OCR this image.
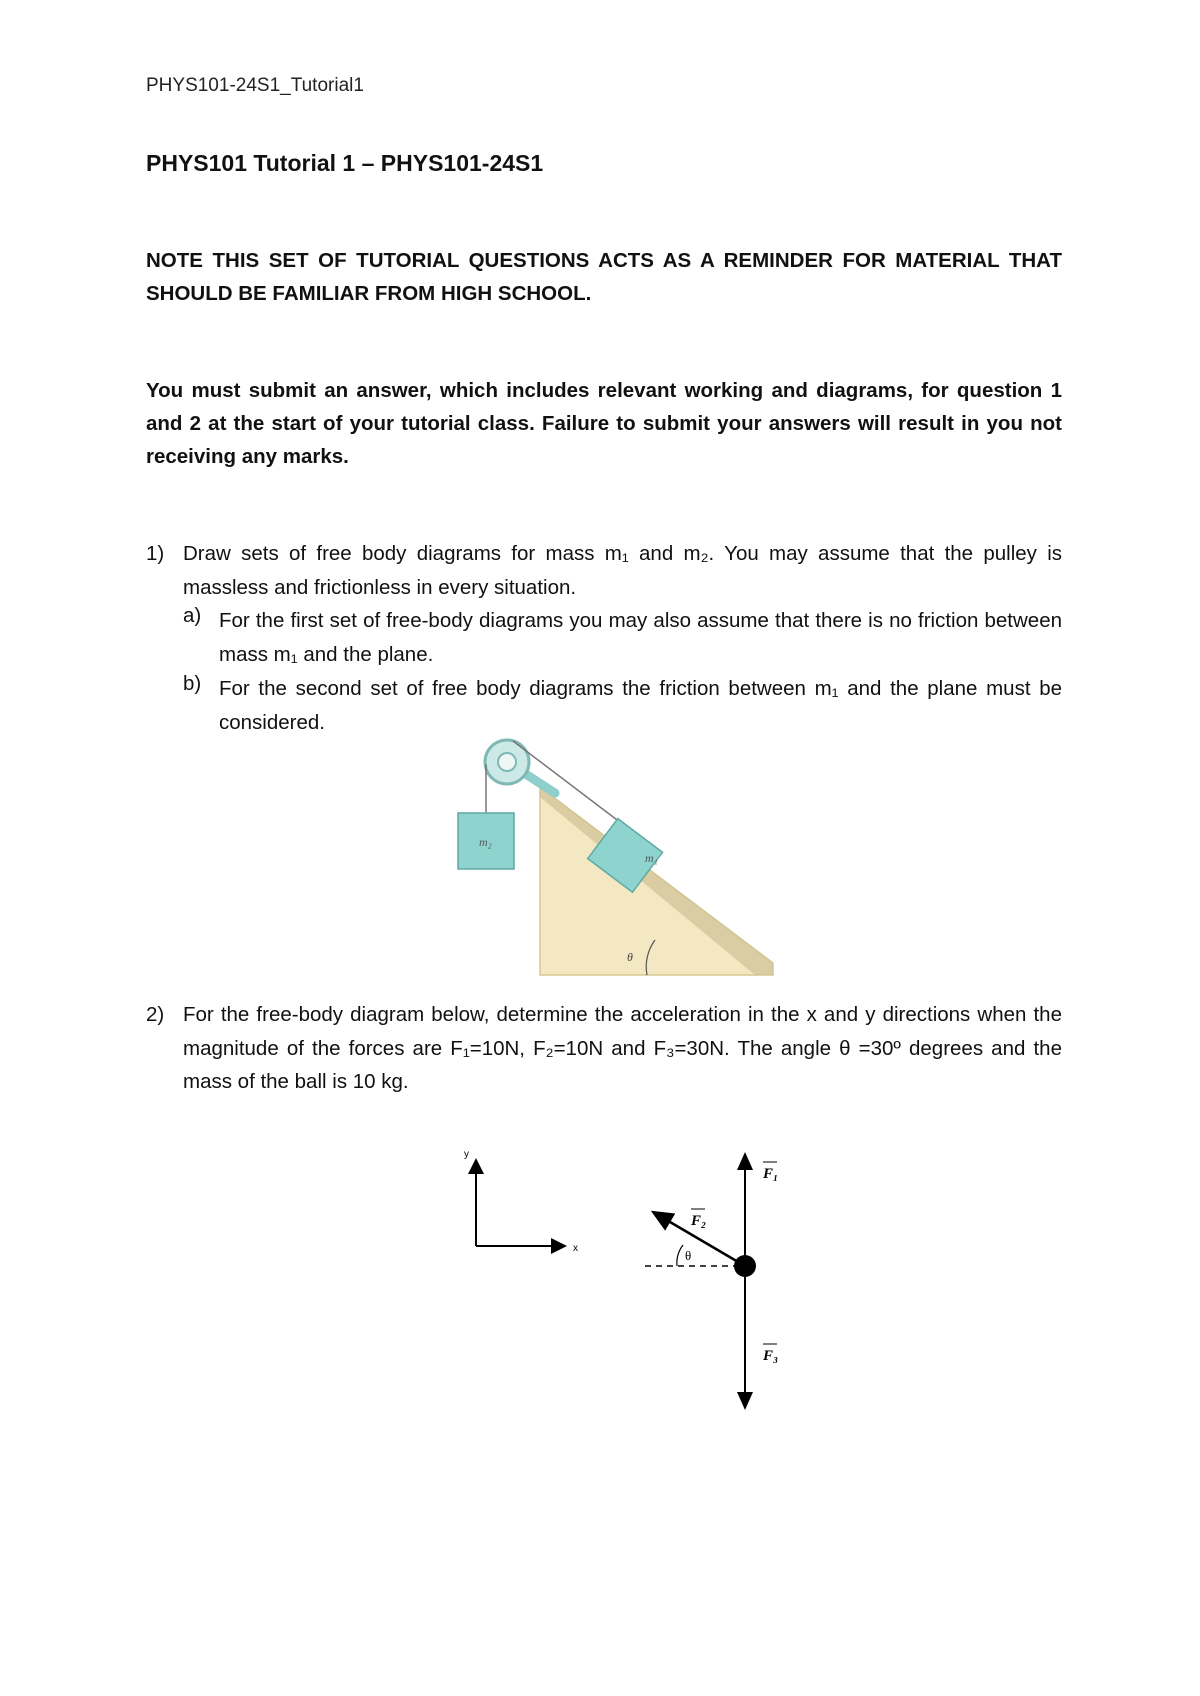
PHYS101-24S1_Tutorial1
PHYS101 Tutorial 1 – PHYS101-24S1
NOTE THIS SET OF TUTORIAL QUESTIONS ACTS AS A REMINDER FOR MATERIAL THAT SHOULD BE FAMILIAR FROM HIGH SCHOOL.
You must submit an answer, which includes relevant working and diagrams, for question 1 and 2 at the start of your tutorial class. Failure to submit your answers will result in you not receiving any marks.
1) Draw sets of free body diagrams for mass m₁ and m₂. You may assume that the pulley is massless and frictionless in every situation.
a) For the first set of free-body diagrams you may also assume that there is no friction between mass m₁ and the plane.
b) For the second set of free body diagrams the friction between m₁ and the plane must be considered.
m₂
m₁
θ
2) For the free-body diagram below, determine the acceleration in the x and y directions when the magnitude of the forces are F₁=10N, F₂=10N and F₃=30N. The angle θ =30º degrees and the mass of the ball is 10 kg.
y
x	θ
F₁
F₂
F₃
